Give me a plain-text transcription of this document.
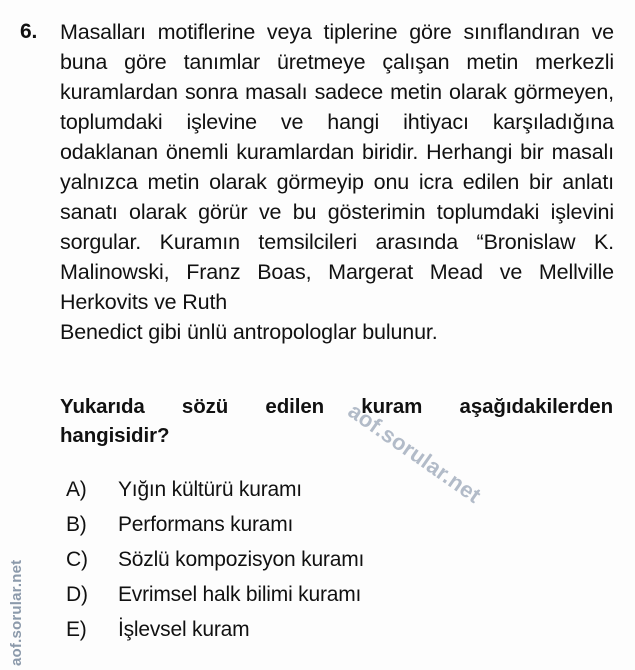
6.	Masalları motiflerine veya tiplerine göre sınıflandıran ve buna göre tanımlar üretmeye çalışan metin merkezli kuramlardan sonra masalı sadece metin olarak görmeyen, toplumdaki işlevine ve hangi ihtiyacı karşıladığına odaklanan önemli kuramlardan biridir. Herhangi bir masalı yalnızca metin olarak görmeyip onu icra edilen bir anlatı sanatı olarak görür ve bu gösterimin toplumdaki işlevini sorgular. Kuramın temsilcileri arasında “Bronislaw K. Malinowski, Franz Boas, Margerat Mead ve Mellville Herkovits ve Ruth
Benedict gibi ünlü antropologlar bulunur.
Yukarıda sözü edilen kuram aşağıdakilerden
hangisidir?
A)	Yığın kültürü kuramı
B)	Performans kuramı
C)	Sözlü kompozisyon kuramı
D)	Evrimsel halk bilimi kuramı
E)	İşlevsel kuram
aof.sorular.net
aof.sorular.net
